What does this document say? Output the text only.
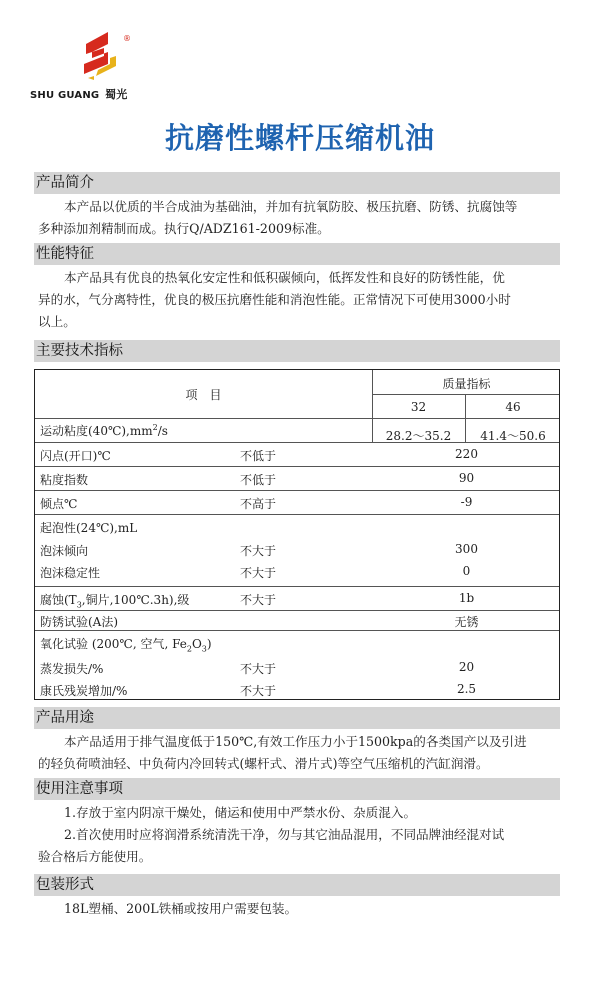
®
SHU GUANG 蜀光
抗磨性螺杆压缩机油
产品简介
本产品以优质的半合成油为基础油，并加有抗氧防胶、极压抗磨、防锈、抗腐蚀等
多种添加剂精制而成。执行Q/ADZ161-2009标准。
性能特征
本产品具有优良的热氧化安定性和低积碳倾向，低挥发性和良好的防锈性能，优
异的水，气分离特性，优良的极压抗磨性能和消泡性能。正常情况下可使用3000小时
以上。
主要技术指标
项　目
质量指标
32	46
运动粘度$(40℃),mm^2/s$	28.2～35.2	41.4～50.6
闪点(开口)℃	不低于	220
粘度指数	不低于	90
倾点℃	不高于	-9
起泡性(24℃),mL
泡沫倾向	不大于	300
泡沫稳定性	不大于	0
腐蚀($T_3$,铜片,100℃.3h),级	不大于	1b
防锈试验(A法)	无锈
氧化试验 (200℃, 空气, $Fe_2O_3$)
蒸发损失/%	不大于	20
康氏残炭增加/%	不大于	2.5
产品用途
本产品适用于排气温度低于150℃,有效工作压力小于1500kpa的各类国产以及引进
的轻负荷喷油轻、中负荷内冷回转式(螺杆式、滑片式)等空气压缩机的汽缸润滑。
使用注意事项
1.存放于室内阴凉干燥处，储运和使用中严禁水份、杂质混入。
2.首次使用时应将润滑系统清洗干净，勿与其它油品混用，不同品牌油经混对试
验合格后方能使用。
包装形式
18L塑桶、200L铁桶或按用户需要包装。
